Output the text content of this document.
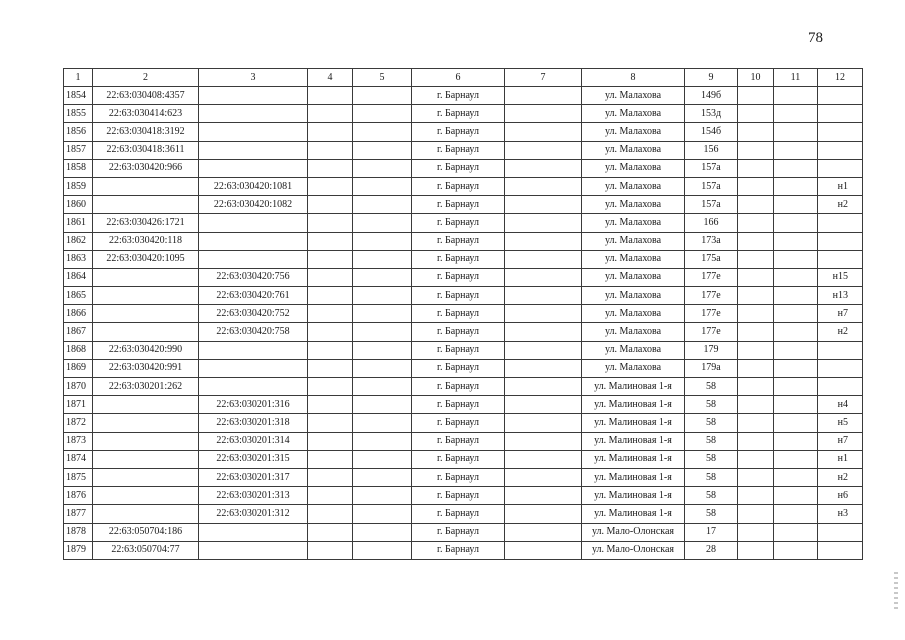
78
1	2	3	4	5	6	7	8	9	10	11	12
1854	22:63:030408:4357				г. Барнаул		ул. Малахова	149б			
1855	22:63:030414:623				г. Барнаул		ул. Малахова	153д			
1856	22:63:030418:3192				г. Барнаул		ул. Малахова	154б			
1857	22:63:030418:3611				г. Барнаул		ул. Малахова	156			
1858	22:63:030420:966				г. Барнаул		ул. Малахова	157а			
1859		22:63:030420:1081			г. Барнаул		ул. Малахова	157а			н1
1860		22:63:030420:1082			г. Барнаул		ул. Малахова	157а			н2
1861	22:63:030426:1721				г. Барнаул		ул. Малахова	166			
1862	22:63:030420:118				г. Барнаул		ул. Малахова	173а			
1863	22:63:030420:1095				г. Барнаул		ул. Малахова	175а			
1864		22:63:030420:756			г. Барнаул		ул. Малахова	177е			н15
1865		22:63:030420:761			г. Барнаул		ул. Малахова	177е			н13
1866		22:63:030420:752			г. Барнаул		ул. Малахова	177е			н7
1867		22:63:030420:758			г. Барнаул		ул. Малахова	177е			н2
1868	22:63:030420:990				г. Барнаул		ул. Малахова	179			
1869	22:63:030420:991				г. Барнаул		ул. Малахова	179а			
1870	22:63:030201:262				г. Барнаул		ул. Малиновая 1-я	58			
1871		22:63:030201:316			г. Барнаул		ул. Малиновая 1-я	58			н4
1872		22:63:030201:318			г. Барнаул		ул. Малиновая 1-я	58			н5
1873		22:63:030201:314			г. Барнаул		ул. Малиновая 1-я	58			н7
1874		22:63:030201:315			г. Барнаул		ул. Малиновая 1-я	58			н1
1875		22:63:030201:317			г. Барнаул		ул. Малиновая 1-я	58			н2
1876		22:63:030201:313			г. Барнаул		ул. Малиновая 1-я	58			н6
1877		22:63:030201:312			г. Барнаул		ул. Малиновая 1-я	58			н3
1878	22:63:050704:186				г. Барнаул		ул. Мало-Олонская	17			
1879	22:63:050704:77				г. Барнаул		ул. Мало-Олонская	28			
